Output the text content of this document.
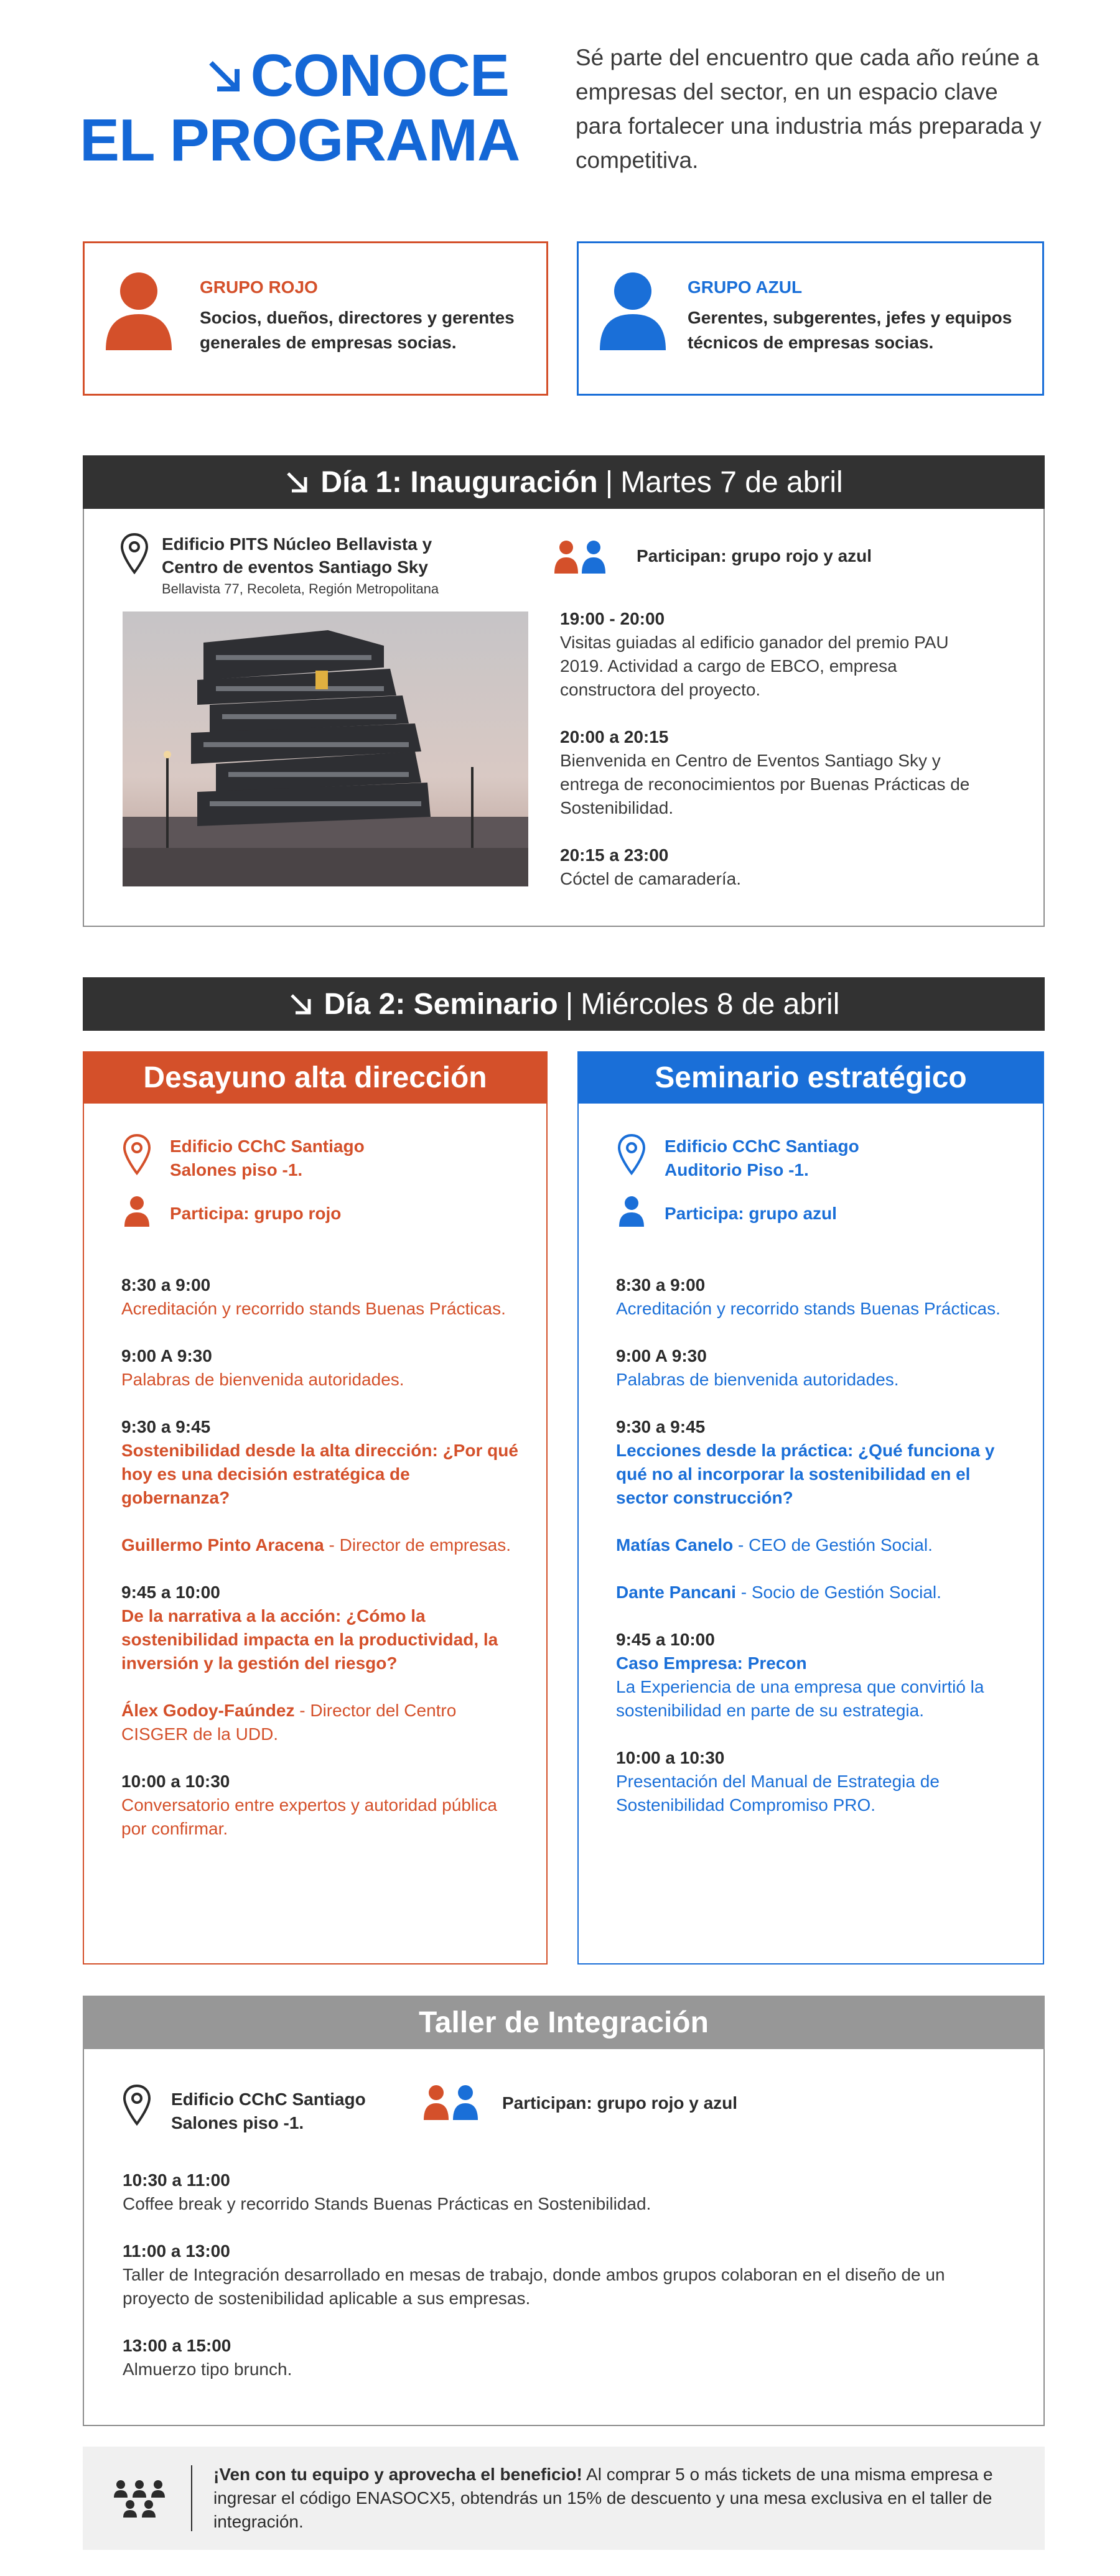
CONOCE
EL PROGRAMA
Sé parte del encuentro que cada año reúne a empresas del sector, en un espacio clave para fortalecer una industria más preparada y competitiva.
GRUPO ROJO
Socios, dueños, directores y gerentes generales de empresas socias.
GRUPO AZUL
Gerentes, subgerentes, jefes y equipos técnicos de empresas socias.
Día 1: Inauguración | Martes 7 de abril
Edificio PITS Núcleo Bellavista y
Centro de eventos Santiago Sky
Bellavista 77, Recoleta, Región Metropolitana
Participan: grupo rojo y azul
19:00 - 20:00
Visitas guiadas al edificio ganador del premio PAU 2019. Actividad a cargo de EBCO, empresa constructora del proyecto.
20:00 a 20:15
Bienvenida en Centro de Eventos Santiago Sky y entrega de reconocimientos por Buenas Prácticas de Sostenibilidad.
20:15 a 23:00
Cóctel de camaradería.
Día 2: Seminario | Miércoles 8 de abril
Desayuno alta dirección
Edificio CChC Santiago
Salones piso -1.
Participa: grupo rojo
8:30 a 9:00
Acreditación y recorrido stands Buenas Prácticas.
9:00 A 9:30
Palabras de bienvenida autoridades.
9:30 a 9:45
Sostenibilidad desde la alta dirección: ¿Por qué hoy es una decisión estratégica de gobernanza?
Guillermo Pinto Aracena - Director de empresas.
9:45 a 10:00
De la narrativa a la acción: ¿Cómo la sostenibilidad impacta en la productividad, la inversión y la gestión del riesgo?
Álex Godoy-Faúndez - Director del Centro CISGER de la UDD.
10:00 a 10:30
Conversatorio entre expertos y autoridad pública por confirmar.
Seminario estratégico
Edificio CChC Santiago
Auditorio Piso -1.
Participa: grupo azul
8:30 a 9:00
Acreditación y recorrido stands Buenas Prácticas.
9:00 A 9:30
Palabras de bienvenida autoridades.
9:30 a 9:45
Lecciones desde la práctica: ¿Qué funciona y qué no al incorporar la sostenibilidad en el sector construcción?
Matías Canelo - CEO de Gestión Social.
Dante Pancani - Socio de Gestión Social.
9:45 a 10:00
Caso Empresa: Precon
La Experiencia de una empresa que convirtió la sostenibilidad en parte de su estrategia.
10:00 a 10:30
Presentación del Manual de Estrategia de Sostenibilidad Compromiso PRO.
Taller de Integración
Edificio CChC Santiago
Salones piso -1.
Participan: grupo rojo y azul
10:30 a 11:00
Coffee break y recorrido Stands Buenas Prácticas en Sostenibilidad.
11:00 a 13:00
Taller de Integración desarrollado en mesas de trabajo, donde ambos grupos colaboran en el diseño de un proyecto de sostenibilidad aplicable a sus empresas.
13:00 a 15:00
Almuerzo tipo brunch.
¡Ven con tu equipo y aprovecha el beneficio! Al comprar 5 o más tickets de una misma empresa e ingresar el código ENASOCX5, obtendrás un 15% de descuento y una mesa exclusiva en el taller de integración.
